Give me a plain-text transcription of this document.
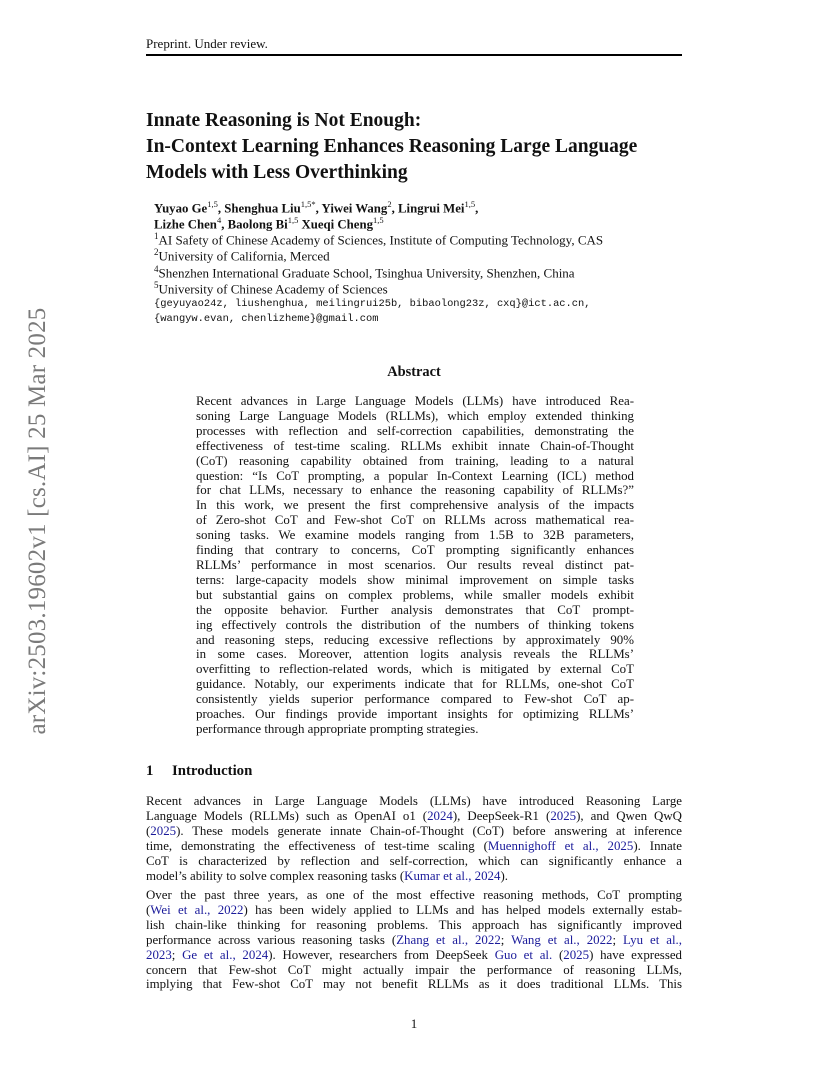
arXiv:2503.19602v1 [cs.AI] 25 Mar 2025
Preprint. Under review.
Innate Reasoning is Not Enough:
In-Context Learning Enhances Reasoning Large Language
Models with Less Overthinking
Yuyao Ge$^{1,5}$, Shenghua Liu$^{1,5*}$, Yiwei Wang$^2$, Lingrui Mei$^{1,5}$,
Lizhe Chen$^4$, Baolong Bi$^{1,5}$ Xueqi Cheng$^{1,5}$
$^1$AI Safety of Chinese Academy of Sciences, Institute of Computing Technology, CAS
$^2$University of California, Merced
$^4$Shenzhen International Graduate School, Tsinghua University, Shenzhen, China
$^5$University of Chinese Academy of Sciences
{geyuyao24z, liushenghua, meilingrui25b, bibaolong23z, cxq}@ict.ac.cn,
{wangyw.evan, chenlizheme}@gmail.com
Abstract
Recent advances in Large Language Models (LLMs) have introduced Rea-
soning Large Language Models (RLLMs), which employ extended thinking
processes with reflection and self-correction capabilities, demonstrating the
effectiveness of test-time scaling. RLLMs exhibit innate Chain-of-Thought
(CoT) reasoning capability obtained from training, leading to a natural
question: “Is CoT prompting, a popular In-Context Learning (ICL) method
for chat LLMs, necessary to enhance the reasoning capability of RLLMs?”
In this work, we present the first comprehensive analysis of the impacts
of Zero-shot CoT and Few-shot CoT on RLLMs across mathematical rea-
soning tasks. We examine models ranging from 1.5B to 32B parameters,
finding that contrary to concerns, CoT prompting significantly enhances
RLLMs’ performance in most scenarios. Our results reveal distinct pat-
terns: large-capacity models show minimal improvement on simple tasks
but substantial gains on complex problems, while smaller models exhibit
the opposite behavior. Further analysis demonstrates that CoT prompt-
ing effectively controls the distribution of the numbers of thinking tokens
and reasoning steps, reducing excessive reflections by approximately 90%
in some cases. Moreover, attention logits analysis reveals the RLLMs’
overfitting to reflection-related words, which is mitigated by external CoT
guidance. Notably, our experiments indicate that for RLLMs, one-shot CoT
consistently yields superior performance compared to Few-shot CoT ap-
proaches. Our findings provide important insights for optimizing RLLMs’
performance through appropriate prompting strategies.
1 Introduction
Recent advances in Large Language Models (LLMs) have introduced Reasoning Large
Language Models (RLLMs) such as OpenAI o1 (2024), DeepSeek-R1 (2025), and Qwen QwQ
(2025). These models generate innate Chain-of-Thought (CoT) before answering at inference
time, demonstrating the effectiveness of test-time scaling (Muennighoff et al., 2025). Innate
CoT is characterized by reflection and self-correction, which can significantly enhance a
model’s ability to solve complex reasoning tasks (Kumar et al., 2024).
Over the past three years, as one of the most effective reasoning methods, CoT prompting
(Wei et al., 2022) has been widely applied to LLMs and has helped models externally estab-
lish chain-like thinking for reasoning problems. This approach has significantly improved
performance across various reasoning tasks (Zhang et al., 2022; Wang et al., 2022; Lyu et al.,
2023; Ge et al., 2024). However, researchers from DeepSeek Guo et al. (2025) have expressed
concern that Few-shot CoT might actually impair the performance of reasoning LLMs,
implying that Few-shot CoT may not benefit RLLMs as it does traditional LLMs. This
1
